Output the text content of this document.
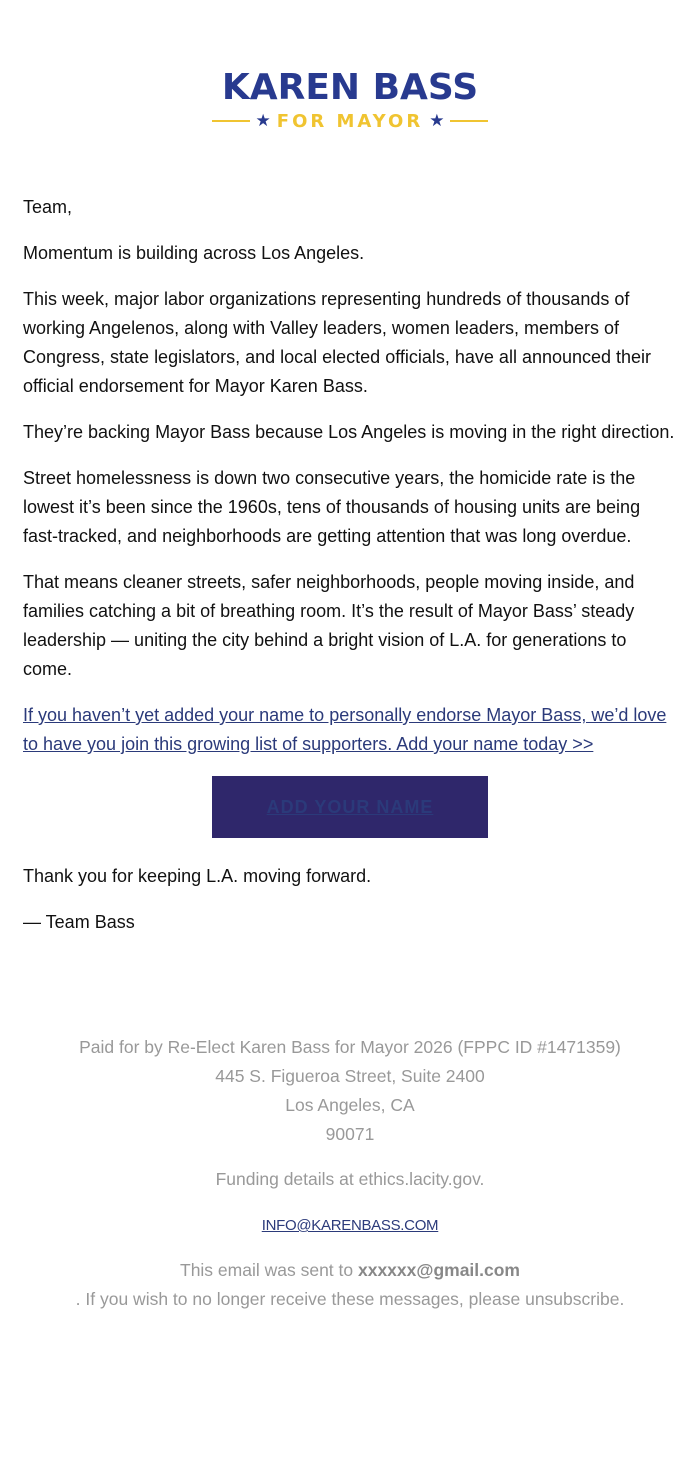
KAREN BASS
★ FOR MAYOR ★

Team,

Momentum is building across Los Angeles.

This week, major labor organizations representing hundreds of thousands of working Angelenos, along with Valley leaders, women leaders, members of Congress, state legislators, and local elected officials, have all announced their official endorsement for Mayor Karen Bass.

They’re backing Mayor Bass because Los Angeles is moving in the right direction.

Street homelessness is down two consecutive years, the homicide rate is the lowest it’s been since the 1960s, tens of thousands of housing units are being fast-tracked, and neighborhoods are getting attention that was long overdue.

That means cleaner streets, safer neighborhoods, people moving inside, and families catching a bit of breathing room. It’s the result of Mayor Bass’ steady leadership — uniting the city behind a bright vision of L.A. for generations to come.

If you haven’t yet added your name to personally endorse Mayor Bass, we’d love to have you join this growing list of supporters. Add your name today >>

ADD YOUR NAME

Thank you for keeping L.A. moving forward.

— Team Bass

Paid for by Re-Elect Karen Bass for Mayor 2026 (FPPC ID #1471359)
445 S. Figueroa Street, Suite 2400
Los Angeles, CA
90071

Funding details at ethics.lacity.gov.

INFO@KARENBASS.COM

This email was sent to xxxxxx@gmail.com
. If you wish to no longer receive these messages, please unsubscribe.
